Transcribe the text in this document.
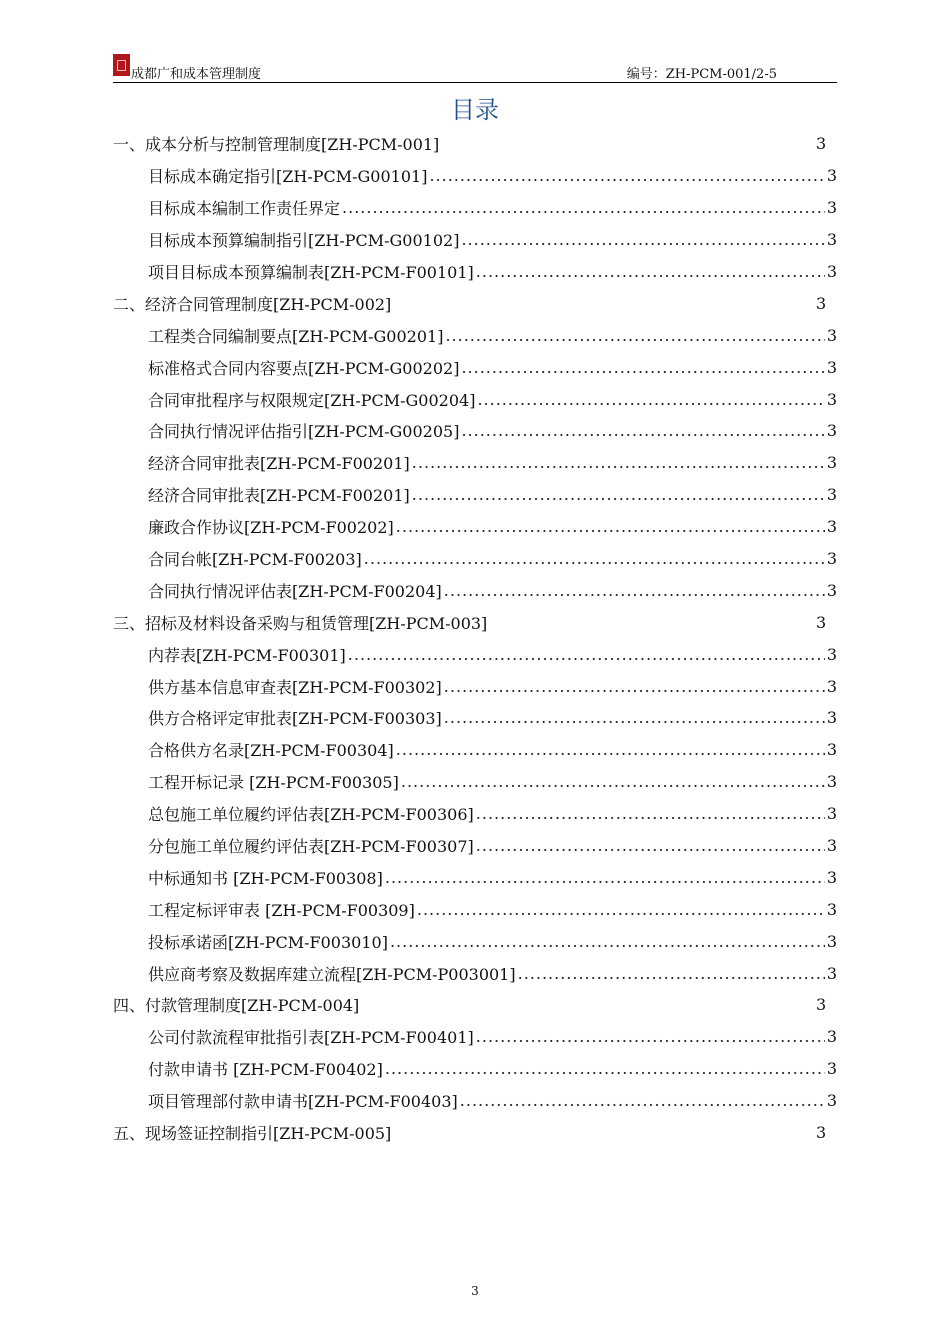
成都广和成本管理制度	编号：ZH-PCM-001/2-5
目录
一、成本分析与控制管理制度[ZH-PCM-001]	3
目标成本确定指引[ZH-PCM-G00101] .....	3
目标成本编制工作责任界定 .....	3
目标成本预算编制指引[ZH-PCM-G00102] .....	3
项目目标成本预算编制表[ZH-PCM-F00101] .....	3
二、经济合同管理制度[ZH-PCM-002]	3
工程类合同编制要点[ZH-PCM-G00201] .....	3
标准格式合同内容要点[ZH-PCM-G00202] .....	3
合同审批程序与权限规定[ZH-PCM-G00204] .....	3
合同执行情况评估指引[ZH-PCM-G00205] .....	3
经济合同审批表[ZH-PCM-F00201] .....	3
经济合同审批表[ZH-PCM-F00201] .....	3
廉政合作协议[ZH-PCM-F00202] .....	3
合同台帐[ZH-PCM-F00203] .....	3
合同执行情况评估表[ZH-PCM-F00204] .....	3
三、招标及材料设备采购与租赁管理[ZH-PCM-003]	3
内荐表[ZH-PCM-F00301] .....	3
供方基本信息审查表[ZH-PCM-F00302] .....	3
供方合格评定审批表[ZH-PCM-F00303] .....	3
合格供方名录[ZH-PCM-F00304] .....	3
工程开标记录 [ZH-PCM-F00305] .....	3
总包施工单位履约评估表[ZH-PCM-F00306] .....	3
分包施工单位履约评估表[ZH-PCM-F00307] .....	3
中标通知书 [ZH-PCM-F00308] .....	3
工程定标评审表 [ZH-PCM-F00309] .....	3
投标承诺函[ZH-PCM-F003010] .....	3
供应商考察及数据库建立流程[ZH-PCM-P003001] .....	3
四、付款管理制度[ZH-PCM-004]	3
公司付款流程审批指引表[ZH-PCM-F00401] .....	3
付款申请书 [ZH-PCM-F00402] .....	3
项目管理部付款申请书[ZH-PCM-F00403] .....	3
五、现场签证控制指引[ZH-PCM-005]	3
3
